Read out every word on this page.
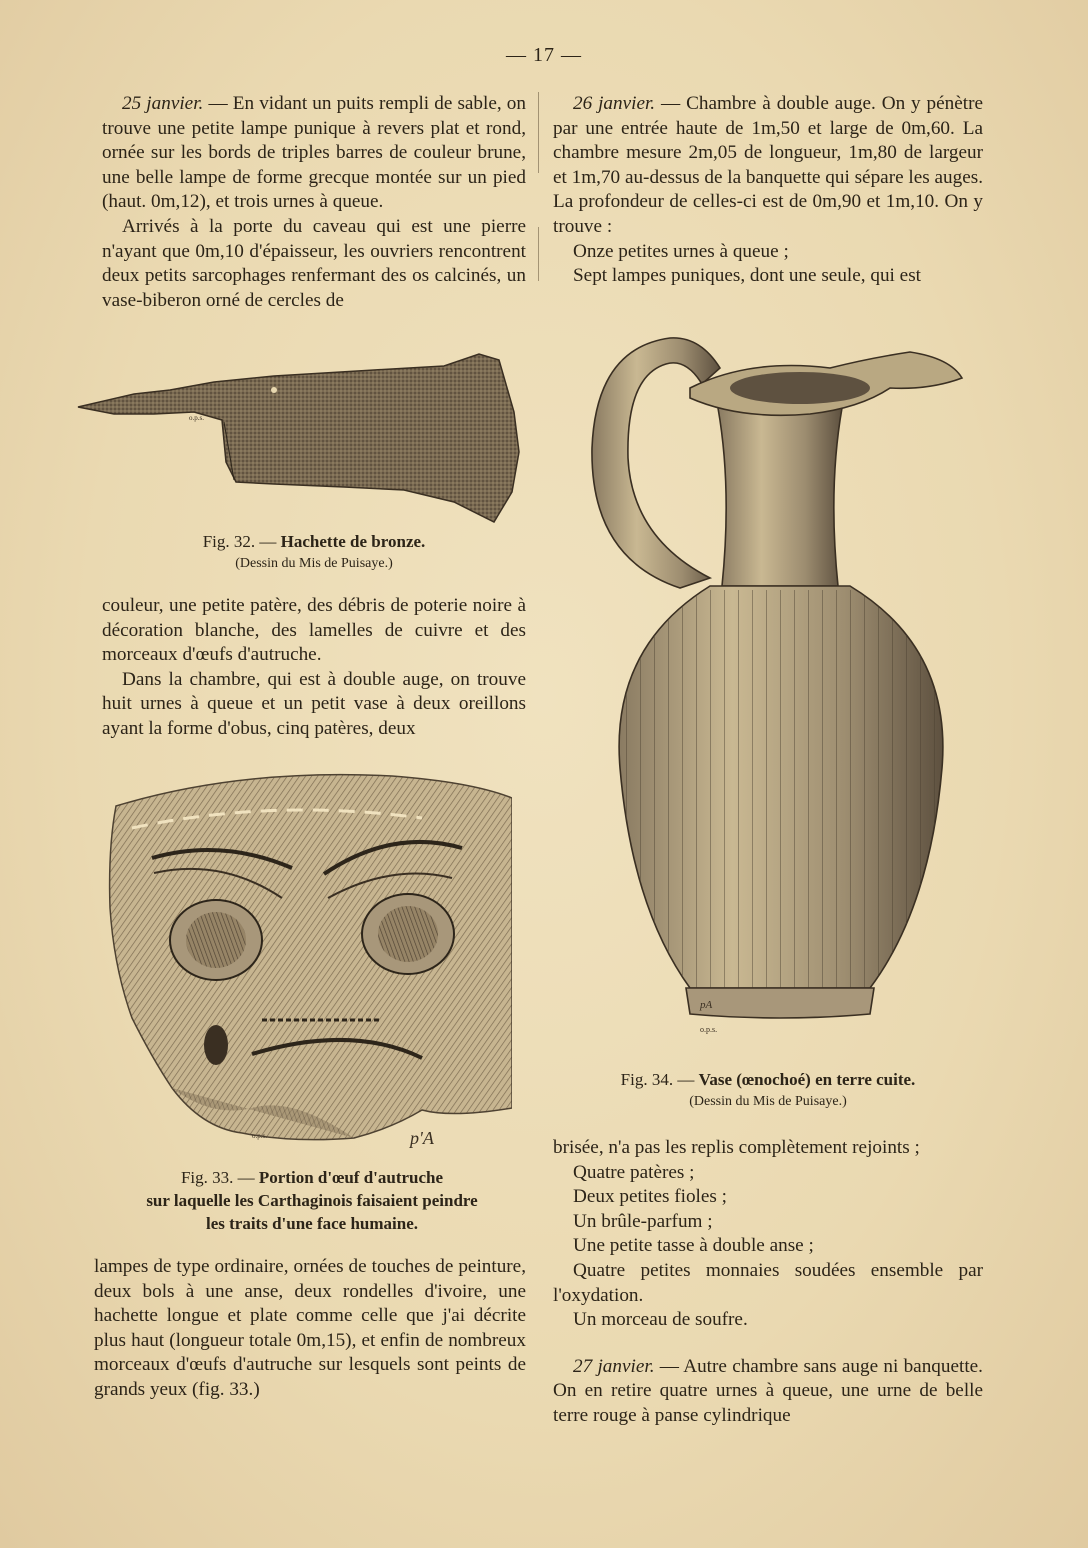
— 17 —

25 janvier. — En vidant un puits rempli de sable, on trouve une petite lampe punique à revers plat et rond, ornée sur les bords de triples barres de couleur brune, une belle lampe de forme grecque montée sur un pied (haut. 0m,12), et trois urnes à queue.

Arrivés à la porte du caveau qui est une pierre n'ayant que 0m,10 d'épaisseur, les ouvriers rencontrent deux petits sarcophages renfermant des os calcinés, un vase-biberon orné de cercles de

o.p.s.
Fig. 32. — Hachette de bronze.
(Dessin du Mis de Puisaye.)

couleur, une petite patère, des débris de poterie noire à décoration blanche, des lamelles de cuivre et des morceaux d'œufs d'autruche.

Dans la chambre, qui est à double auge, on trouve huit urnes à queue et un petit vase à deux oreillons ayant la forme d'obus, cinq patères, deux

o.p.s.	p'A
Fig. 33. — Portion d'œuf d'autruche
sur laquelle les Carthaginois faisaient peindre
les traits d'une face humaine.

lampes de type ordinaire, ornées de touches de peinture, deux bols à une anse, deux rondelles d'ivoire, une hachette longue et plate comme celle que j'ai décrite plus haut (longueur totale 0m,15), et enfin de nombreux morceaux d'œufs d'autruche sur lesquels sont peints de grands yeux (fig. 33.)

26 janvier. — Chambre à double auge. On y pénètre par une entrée haute de 1m,50 et large de 0m,60. La chambre mesure 2m,05 de longueur, 1m,80 de largeur et 1m,70 au-dessus de la banquette qui sépare les auges. La profondeur de celles-ci est de 0m,90 et 1m,10. On y trouve :

Onze petites urnes à queue ;

Sept lampes puniques, dont une seule, qui est

o.p.s.
pA
Fig. 34. — Vase (œnochoé) en terre cuite.
(Dessin du Mis de Puisaye.)

brisée, n'a pas les replis complètement rejoints ;

Quatre patères ;

Deux petites fioles ;

Un brûle-parfum ;

Une petite tasse à double anse ;

Quatre petites monnaies soudées ensemble par l'oxydation.

Un morceau de soufre.

27 janvier. — Autre chambre sans auge ni banquette. On en retire quatre urnes à queue, une urne de belle terre rouge à panse cylindrique
